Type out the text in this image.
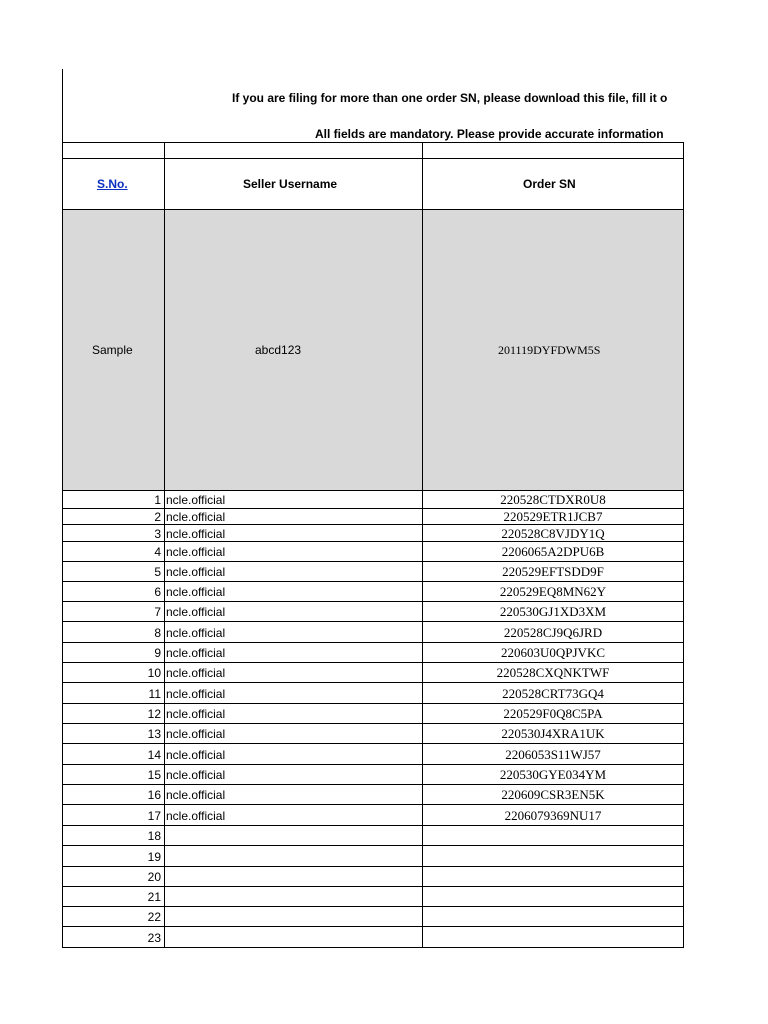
If you are filing for more than one order SN, please download this file, fill it o
All fields are mandatory. Please provide accurate information
S.No.	Seller Username	Order SN
Sample	abcd123	201119DYFDWM5S
1 ncle.official	220528CTDXR0U8
2 ncle.official	220529ETR1JCB7
3 ncle.official	220528C8VJDY1Q
4 ncle.official	2206065A2DPU6B
5 ncle.official	220529EFTSDD9F
6 ncle.official	220529EQ8MN62Y
7 ncle.official	220530GJ1XD3XM
8 ncle.official	220528CJ9Q6JRD
9 ncle.official	220603U0QPJVKC
10 ncle.official	220528CXQNKTWF
11 ncle.official	220528CRT73GQ4
12 ncle.official	220529F0Q8C5PA
13 ncle.official	220530J4XRA1UK
14 ncle.official	2206053S11WJ57
15 ncle.official	220530GYE034YM
16 ncle.official	220609CSR3EN5K
17 ncle.official	2206079369NU17
18
19
20
21
22
23
